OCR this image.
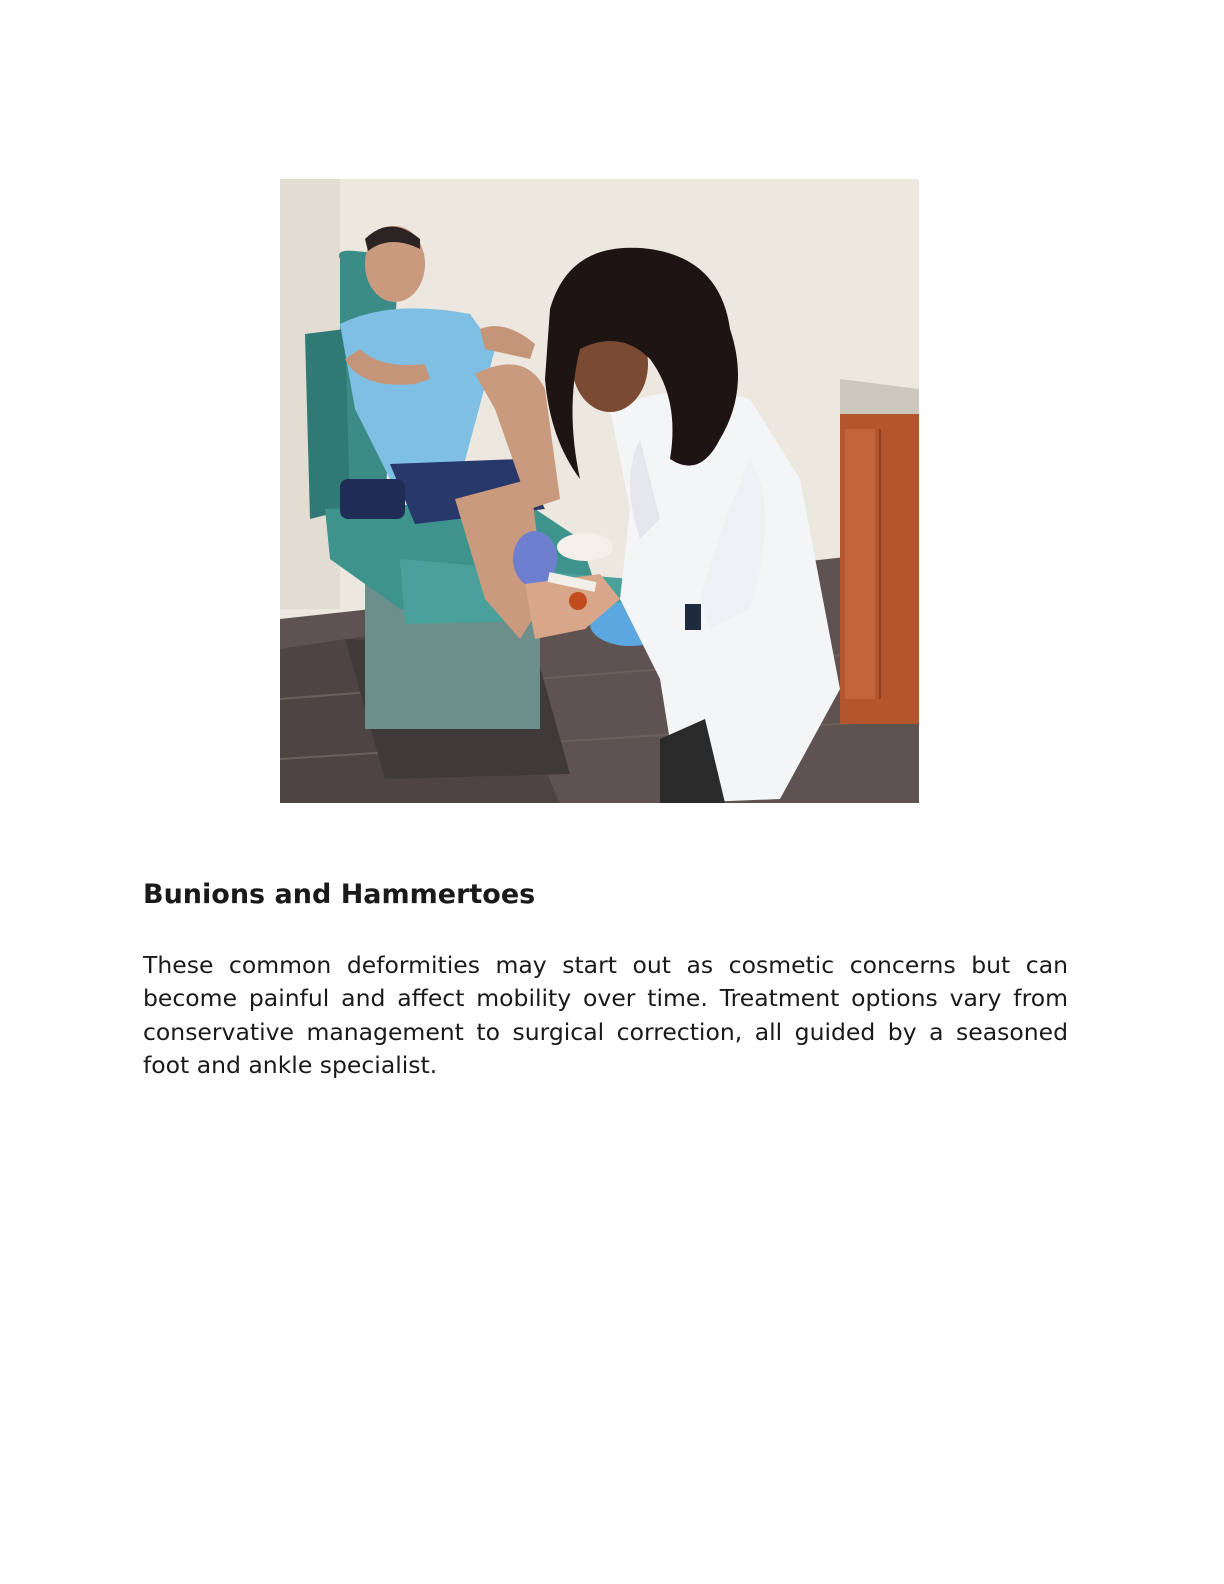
Bunions and Hammertoes

These common deformities may start out as cosmetic concerns but can become painful and affect mobility over time. Treatment options vary from conservative management to surgical correction, all guided by a seasoned foot and ankle specialist.
